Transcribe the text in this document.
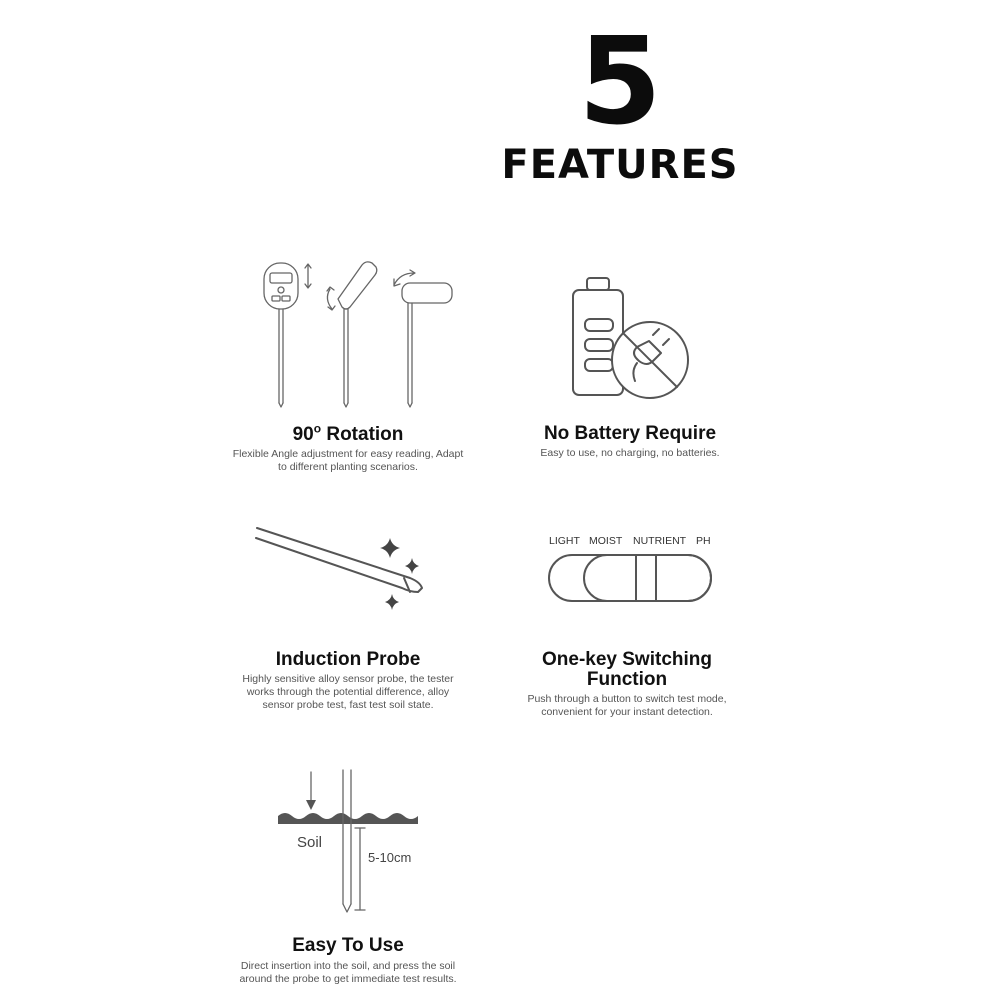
5
FEATURES
90$^o$ Rotation
Flexible Angle adjustment for easy reading, Adapt
to different planting scenarios.
No Battery Require
Easy to use, no charging, no batteries.
Induction Probe
Highly sensitive alloy sensor probe, the tester
works through the potential difference, alloy
sensor probe test, fast test soil state.
LIGHT MOIST NUTRIENT PH
One-key Switching
Function
Push through a button to switch test mode,
convenient for your instant detection.
Soil
5-10cm
Easy To Use
Direct insertion into the soil, and press the soil
around the probe to get immediate test results.
